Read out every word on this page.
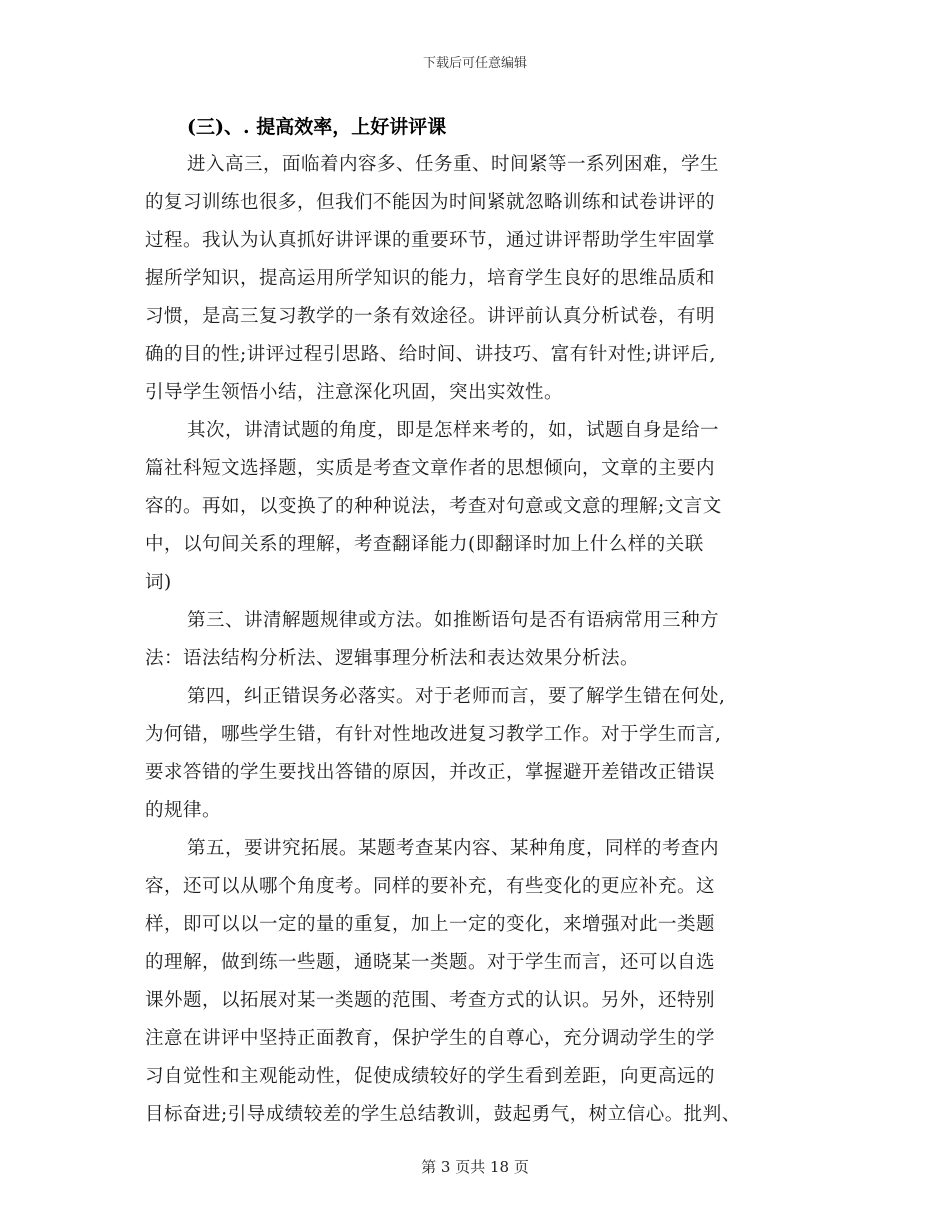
下载后可任意编辑
(三)、. 提高效率，上好讲评课
进入高三，面临着内容多、任务重、时间紧等一系列困难，学生
的复习训练也很多，但我们不能因为时间紧就忽略训练和试卷讲评的
过程。我认为认真抓好讲评课的重要环节，通过讲评帮助学生牢固掌
握所学知识，提高运用所学知识的能力，培育学生良好的思维品质和
习惯，是高三复习教学的一条有效途径。讲评前认真分析试卷，有明
确的目的性;讲评过程引思路、给时间、讲技巧、富有针对性;讲评后,
引导学生领悟小结，注意深化巩固，突出实效性。
其次，讲清试题的角度，即是怎样来考的，如，试题自身是给一
篇社科短文选择题，实质是考查文章作者的思想倾向，文章的主要内
容的。再如，以变换了的种种说法，考查对句意或文意的理解;文言文
中，以句间关系的理解，考查翻译能力(即翻译时加上什么样的关联
词)
第三、讲清解题规律或方法。如推断语句是否有语病常用三种方
法：语法结构分析法、逻辑事理分析法和表达效果分析法。
第四，纠正错误务必落实。对于老师而言，要了解学生错在何处,
为何错，哪些学生错，有针对性地改进复习教学工作。对于学生而言,
要求答错的学生要找出答错的原因，并改正，掌握避开差错改正错误
的规律。
第五，要讲究拓展。某题考查某内容、某种角度，同样的考查内
容，还可以从哪个角度考。同样的要补充，有些变化的更应补充。这
样，即可以以一定的量的重复，加上一定的变化，来增强对此一类题
的理解，做到练一些题，通晓某一类题。对于学生而言，还可以自选
课外题，以拓展对某一类题的范围、考查方式的认识。另外，还特别
注意在讲评中坚持正面教育，保护学生的自尊心，充分调动学生的学
习自觉性和主观能动性，促使成绩较好的学生看到差距，向更高远的
目标奋进;引导成绩较差的学生总结教训，鼓起勇气，树立信心。批判、
第 3 页共 18 页
